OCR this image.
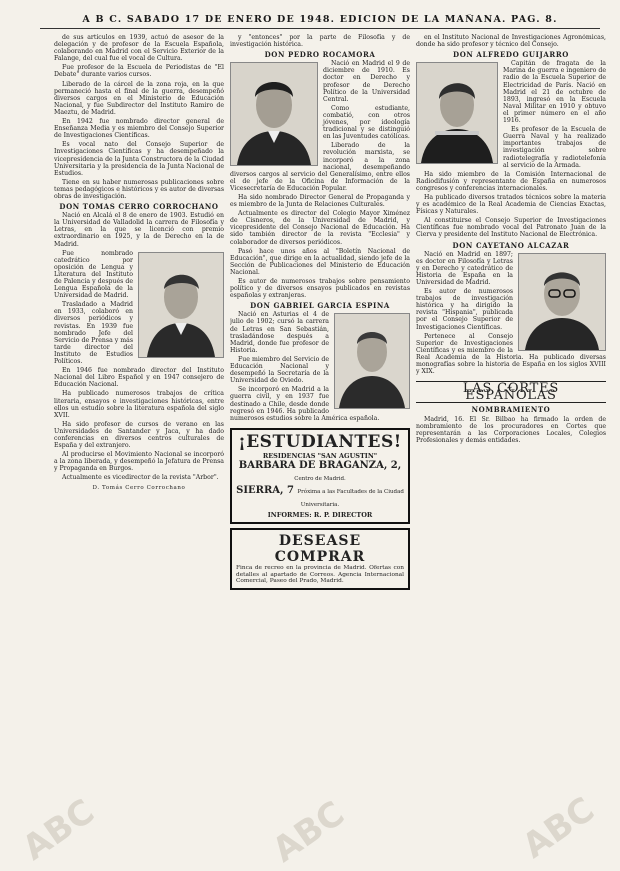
A B C. SABADO 17 DE ENERO DE 1948. EDICION DE LA MAÑANA. PAG. 8.

de sus artículos en 1939, actuó de asesor de la delegación y de profesor de la Escuela Española, colaborando en Madrid con el Servicio Exterior de la Falange, del cual fue el vocal de Cultura.

Fue profesor de la Escuela de Periodistas de "El Debate" durante varios cursos.

Liberado de la cárcel de la zona roja, en la que permaneció hasta el final de la guerra, desempeñó diversos cargos en el Ministerio de Educación Nacional, y fue Subdirector del Instituto Ramiro de Maeztu, de Madrid.

En 1942 fue nombrado director general de Enseñanza Media y es miembro del Consejo Superior de Investigaciones Científicas.

Es vocal nato del Consejo Superior de Investigaciones Científicas y ha desempeñado la vicepresidencia de la Junta Constructora de la Ciudad Universitaria y la presidencia de la Junta Nacional de Estudios.

Tiene en su haber numerosas publicaciones sobre temas pedagógicos e históricos y es autor de diversas obras de investigación.

DON TOMAS CERRO CORROCHANO

Nació en Alcalá el 8 de enero de 1903. Estudió en la Universidad de Valladolid la carrera de Filosofía y Letras, en la que se licenció con premio extraordinario en 1925, y la de Derecho en la de Madrid.

Fue nombrado catedrático por oposición de Lengua y Literatura del Instituto de Palencia y después de Lengua Española de la Universidad de Madrid.

Trasladado a Madrid en 1933, colaboró en diversos periódicos y revistas. En 1939 fue nombrado Jefe del Servicio de Prensa y más tarde director del Instituto de Estudios Políticos.

En 1946 fue nombrado director del Instituto Nacional del Libro Español y en 1947 consejero de Educación Nacional.

Ha publicado numerosos trabajos de crítica literaria, ensayos e investigaciones históricas, entre ellos un estudio sobre la literatura española del siglo XVII.

Ha sido profesor de cursos de verano en las Universidades de Santander y Jaca, y ha dado conferencias en diversos centros culturales de España y del extranjero.

Al producirse el Movimiento Nacional se incorporó a la zona liberada, y desempeñó la Jefatura de Prensa y Propaganda en Burgos.

Actualmente es vicedirector de la revista "Arbor".

D. Tomás Cerro Corrochano

y "entonces" por la parte de Filosofía y de investigación histórica.

DON PEDRO ROCAMORA

Nació en Madrid el 9 de diciembre de 1910. Es doctor en Derecho y profesor de Derecho Político de la Universidad Central.

Como estudiante, combatió, con otros jóvenes, por ideología tradicional y se distinguió en las Juventudes católicas.

Liberado de la revolución marxista, se incorporó a la zona nacional, desempeñando diversos cargos al servicio del Generalísimo, entre ellos el de jefe de la Oficina de Información de la Vicesecretaría de Educación Popular.

Ha sido nombrado Director General de Propaganda y es miembro de la Junta de Relaciones Culturales.

Actualmente es director del Colegio Mayor Ximénez de Cisneros, de la Universidad de Madrid, y vicepresidente del Consejo Nacional de Educación. Ha sido también director de la revista "Ecclesia" y colaborador de diversos periódicos.

Pasó hace unos años al "Boletín Nacional de Educación", que dirige en la actualidad, siendo jefe de la Sección de Publicaciones del Ministerio de Educación Nacional.

Es autor de numerosos trabajos sobre pensamiento político y de diversos ensayos publicados en revistas españolas y extranjeras.

DON GABRIEL GARCIA ESPINA

Nació en Asturias el 4 de julio de 1902; cursó la carrera de Letras en San Sebastián, trasladándose después a Madrid, donde fue profesor de Historia.

Fue miembro del Servicio de Educación Nacional y desempeñó la Secretaría de la Universidad de Oviedo.

Se incorporó en Madrid a la guerra civil, y en 1937 fue destinado a Chile, desde donde regresó en 1946. Ha publicado numerosos estudios sobre la América española.

¡ESTUDIANTES!
RESIDENCIAS "SAN AGUSTIN"
BARBARA DE BRAGANZA, 2, Centro de Madrid.
SIERRA, 7 Próxima a las Facultades de la Ciudad Universitaria.
INFORMES: R. P. DIRECTOR
DESEASE COMPRAR
Finca de recreo en la provincia de Madrid. Ofertas con detalles al apartado de Correos. Agencia Internacional Comercial, Paseo del Prado, Madrid.

en el Instituto Nacional de Investigaciones Agronómicas, donde ha sido profesor y técnico del Consejo.

DON ALFREDO GUIJARRO

Capitán de fragata de la Marina de guerra e ingeniero de radio de la Escuela Superior de Electricidad de París. Nació en Madrid el 21 de octubre de 1893, ingresó en la Escuela Naval Militar en 1910 y obtuvo el primer número en el año 1916.

Es profesor de la Escuela de Guerra Naval y ha realizado importantes trabajos de investigación sobre radiotelegrafía y radiotelefonía al servicio de la Armada.

Ha sido miembro de la Comisión Internacional de Radiodifusión y representante de España en numerosos congresos y conferencias internacionales.

Ha publicado diversos tratados técnicos sobre la materia y es académico de la Real Academia de Ciencias Exactas, Físicas y Naturales.

Al constituirse el Consejo Superior de Investigaciones Científicas fue nombrado vocal del Patronato Juan de la Cierva y presidente del Instituto Nacional de Electrónica.

DON CAYETANO ALCAZAR

Nació en Madrid en 1897; es doctor en Filosofía y Letras y en Derecho y catedrático de Historia de España en la Universidad de Madrid.

Es autor de numerosos trabajos de investigación histórica y ha dirigido la revista "Hispania", publicada por el Consejo Superior de Investigaciones Científicas.

Pertenece al Consejo Superior de Investigaciones Científicas y es miembro de la Real Academia de la Historia. Ha publicado diversas monografías sobre la historia de España en los siglos XVIII y XIX.

LAS CORTES ESPAÑOLAS
NOMBRAMIENTO

Madrid, 16. El Sr. Bilbao ha firmado la orden de nombramiento de los procuradores en Cortes que representarán a las Corporaciones Locales, Colegios Profesionales y demás entidades.

ABC	ABC	ABC
